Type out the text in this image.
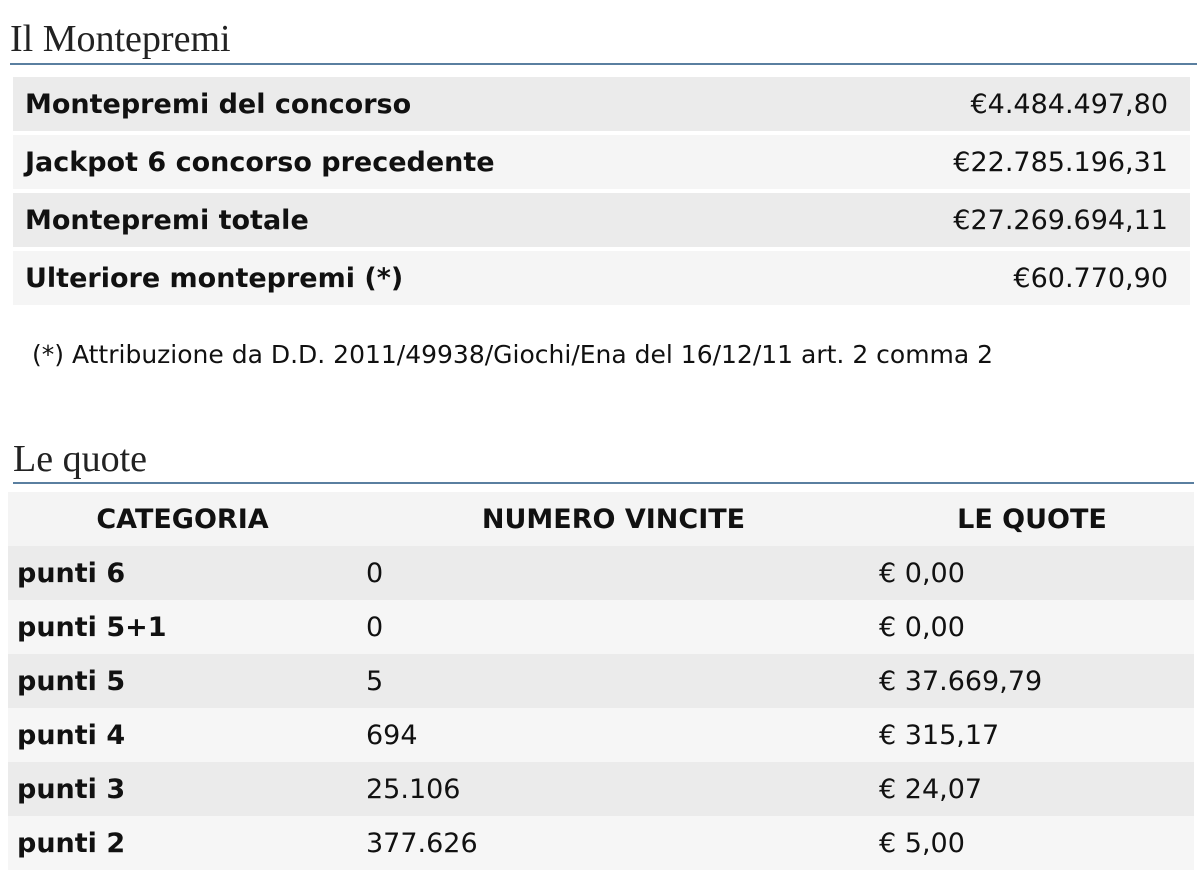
Il Montepremi
Montepremi del concorso	€4.484.497,80
Jackpot 6 concorso precedente	€22.785.196,31
Montepremi totale	€27.269.694,11
Ulteriore montepremi (*)	€60.770,90
(*) Attribuzione da D.D. 2011/49938/Giochi/Ena del 16/12/11 art. 2 comma 2
Le quote
CATEGORIA	NUMERO VINCITE	LE QUOTE
punti 6	0	€ 0,00
punti 5+1	0	€ 0,00
punti 5	5	€ 37.669,79
punti 4	694	€ 315,17
punti 3	25.106	€ 24,07
punti 2	377.626	€ 5,00
